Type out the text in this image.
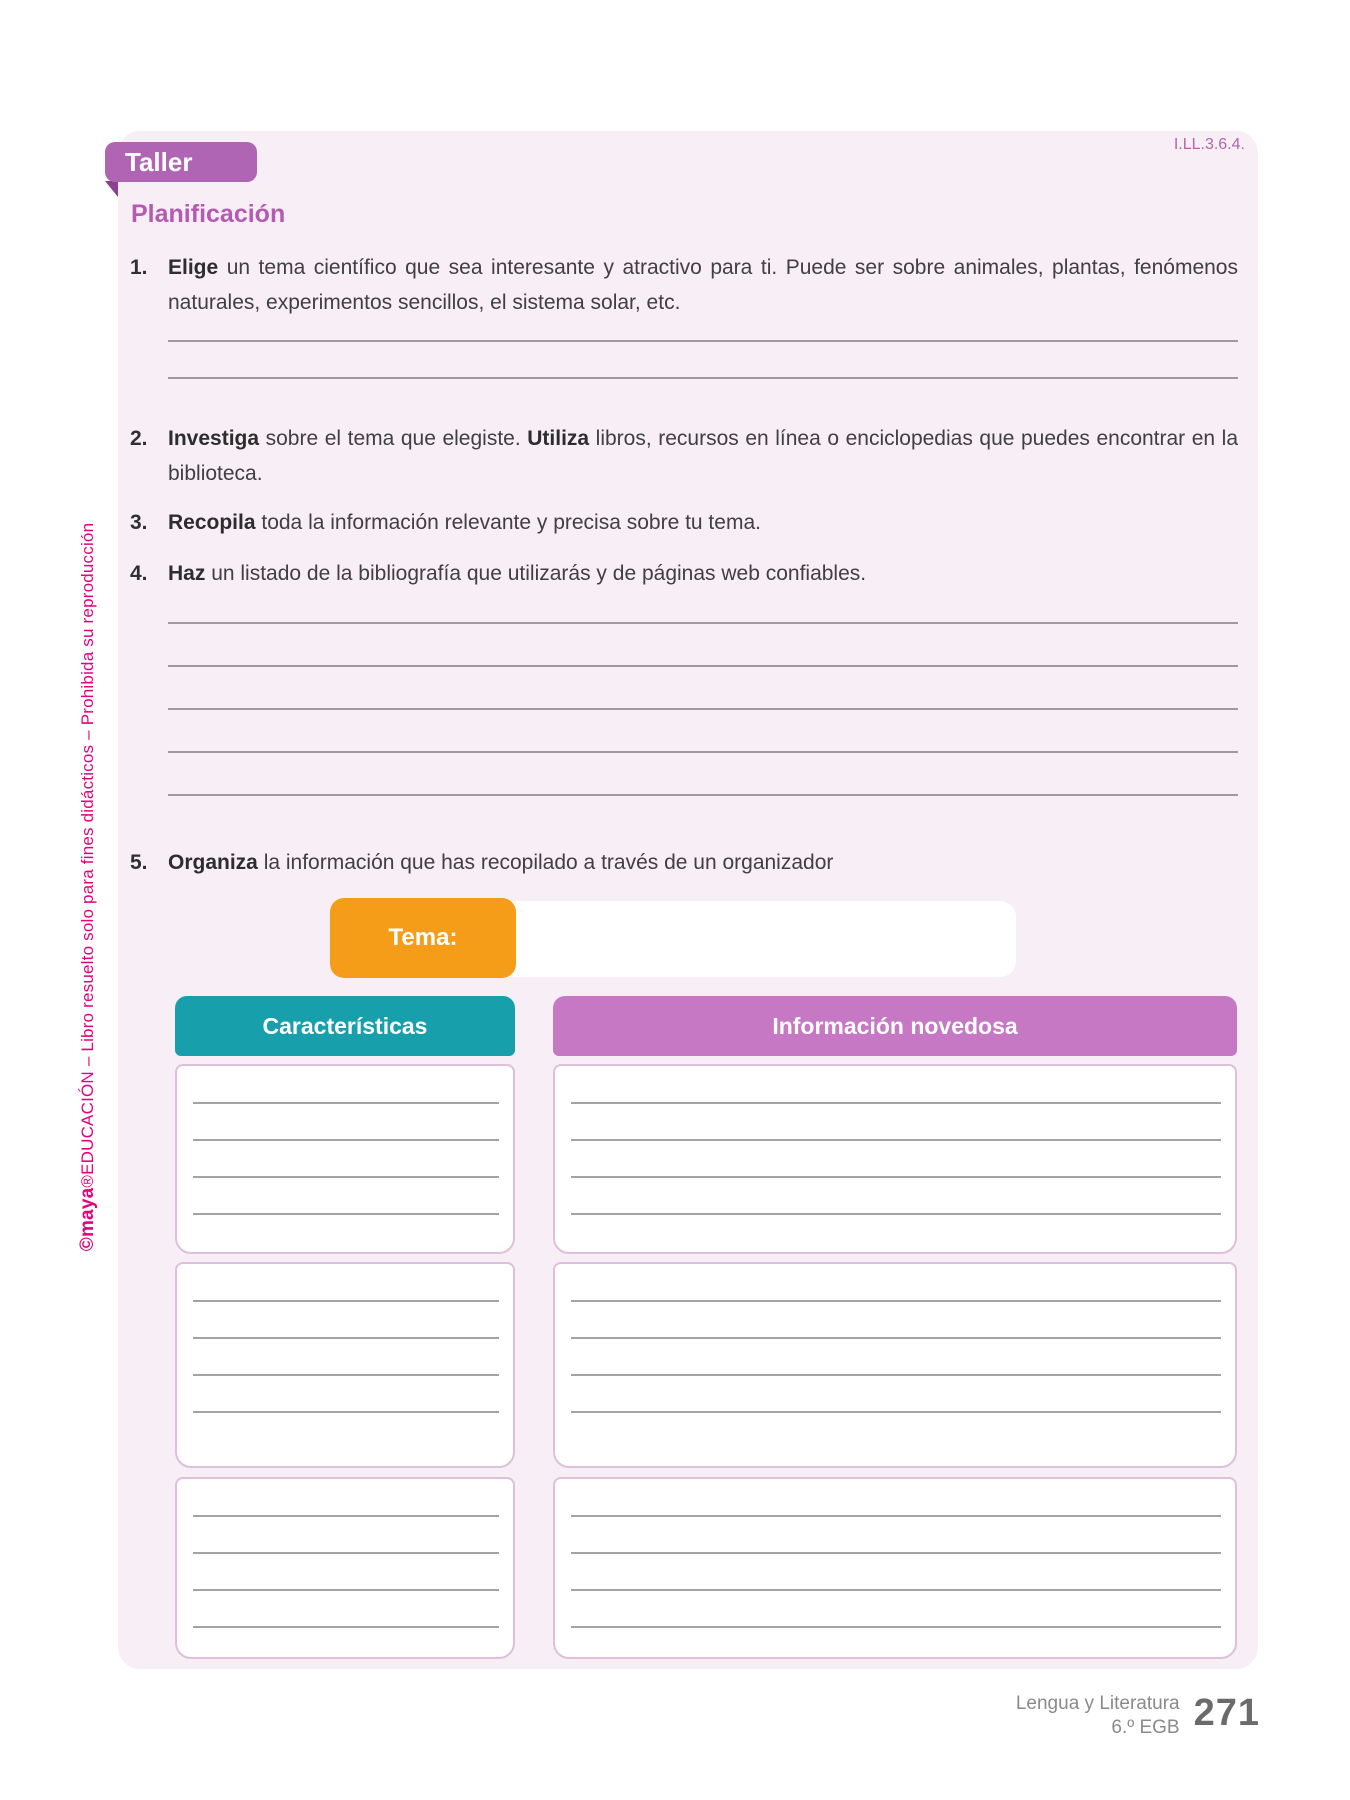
Taller
I.LL.3.6.4.
Planificación
1. Elige un tema científico que sea interesante y atractivo para ti. Puede ser sobre animales, plantas, fenómenos naturales, experimentos sencillos, el sistema solar, etc.

2. Investiga sobre el tema que elegiste. Utiliza libros, recursos en línea o enciclopedias que puedes encontrar en la biblioteca.

3. Recopila toda la información relevante y precisa sobre tu tema.

4. Haz un listado de la bibliografía que utilizarás y de páginas web confiables.

5. Organiza la información que has recopilado a través de un organizador

Tema:
Características	Información novedosa
©maya®EDUCACIÓN – Libro resuelto solo para fines didácticos – Prohibida su reproducción
Lengua y Literatura
6.º EGB 271
